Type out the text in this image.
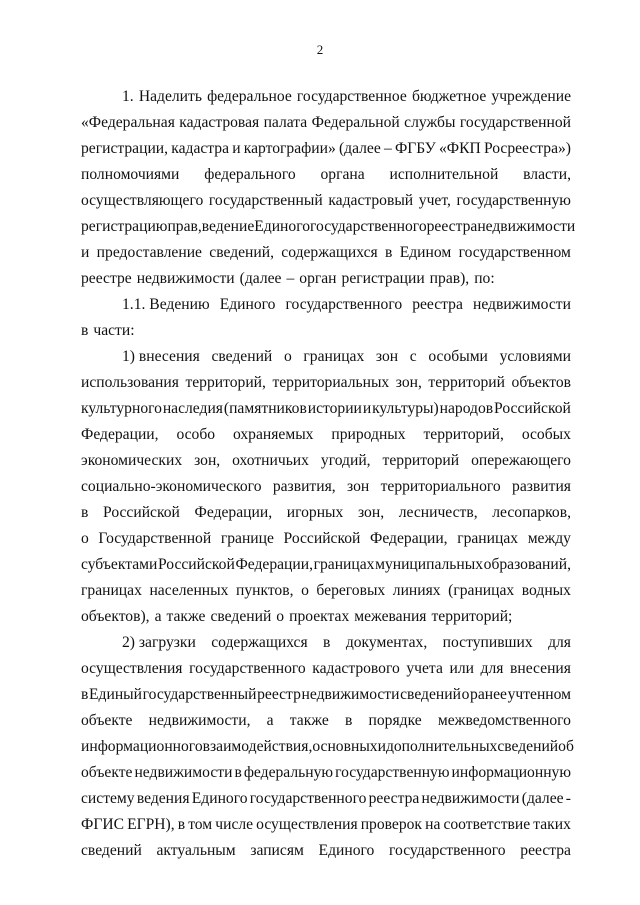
2
1. Наделить федеральное государственное бюджетное учреждение
«Федеральная кадастровая палата Федеральной службы государственной
регистрации, кадастра и картографии» (далее – ФГБУ «ФКП Росреестра»)
полномочиями федерального органа исполнительной власти,
осуществляющего государственный кадастровый учет, государственную
регистрацию прав, ведение Единого государственного реестра недвижимости
и предоставление сведений, содержащихся в Едином государственном
реестре недвижимости (далее – орган регистрации прав), по:
1.1. Ведению Единого государственного реестра недвижимости
в части:
1) внесения сведений о границах зон с особыми условиями
использования территорий, территориальных зон, территорий объектов
культурного наследия (памятников истории и культуры) народов Российской
Федерации, особо охраняемых природных территорий, особых
экономических зон, охотничьих угодий, территорий опережающего
социально-экономического развития, зон территориального развития
в Российской Федерации, игорных зон, лесничеств, лесопарков,
о Государственной границе Российской Федерации, границах между
субъектами Российской Федерации, границах муниципальных образований,
границах населенных пунктов, о береговых линиях (границах водных
объектов), а также сведений о проектах межевания территорий;
2) загрузки содержащихся в документах, поступивших для
осуществления государственного кадастрового учета или для внесения
в Единый государственный реестр недвижимости сведений о ранее учтенном
объекте недвижимости, а также в порядке межведомственного
информационного взаимодействия, основных и дополнительных сведений об
объекте недвижимости в федеральную государственную информационную
систему ведения Единого государственного реестра недвижимости (далее -
ФГИС ЕГРН), в том числе осуществления проверок на соответствие таких
сведений актуальным записям Единого государственного реестра
